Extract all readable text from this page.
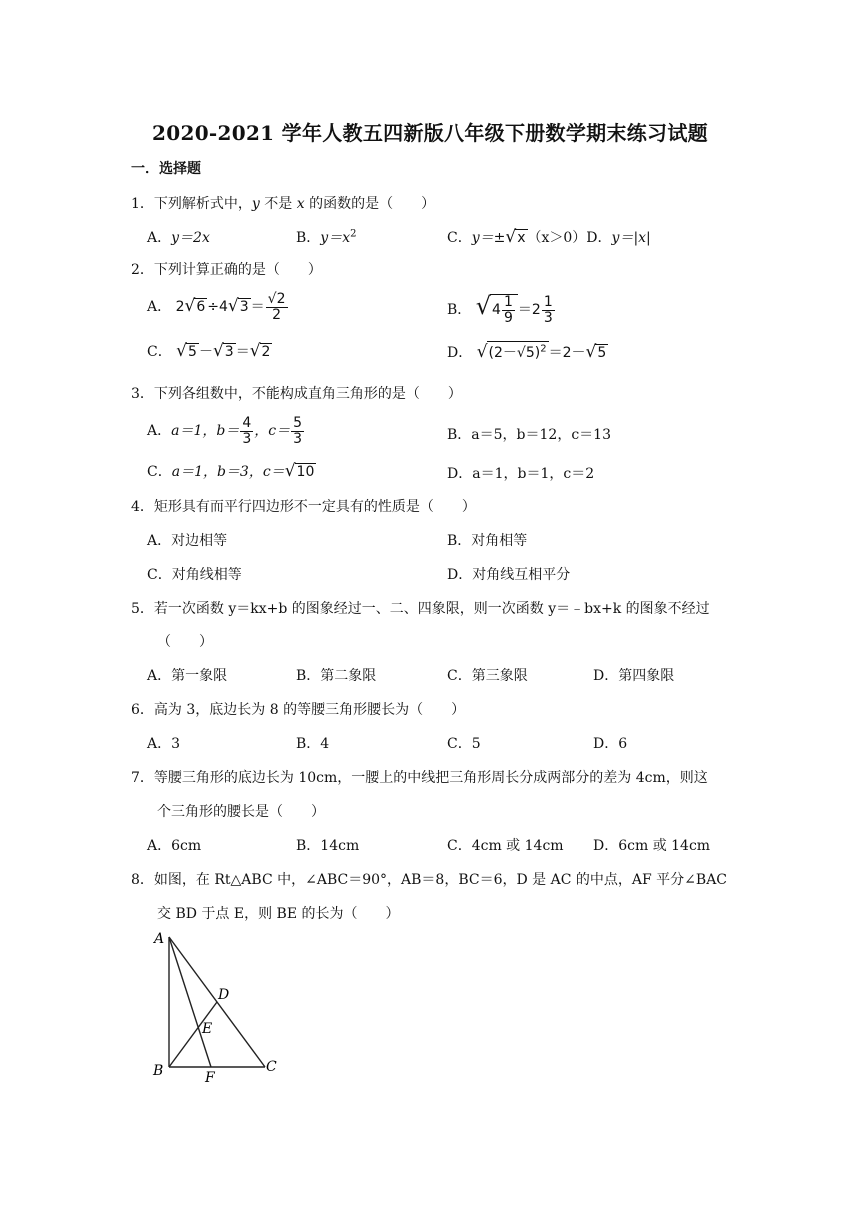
2020-2021 学年人教五四新版八年级下册数学期末练习试题
一．选择题
1．下列解析式中，y 不是 x 的函数的是（　　）
A．y＝2x	B．$y=x^2$	C．y＝±√x （x＞0）D．y＝|x|
2．下列计算正确的是（　　）
A． $2√6 \div 4√3 = \frac{√2}{2}$	B． $√4 \frac{1}{9} =2 \frac{1}{3}$
C． √5 －√3 ＝√2	D． $√(2-√5)^2 =2-√5$
3．下列各组数中，不能构成直角三角形的是（　　）
A．a＝1，$b= \frac{4}{3}$ ，$c= \frac{5}{3}$	B．a＝5，b＝12，c＝13
C．a＝1，b＝3，c＝√10	D．a＝1，b＝1，c＝2
4．矩形具有而平行四边形不一定具有的性质是（　　）
A．对边相等	B．对角相等
C．对角线相等	D．对角线互相平分
5．若一次函数 y＝kx+b 的图象经过一、二、四象限，则一次函数 y＝﹣bx+k 的图象不经过
（　　）
A．第一象限	B．第二象限	C．第三象限	D．第四象限
6．高为 3，底边长为 8 的等腰三角形腰长为（　　）
A．3	B．4	C．5	D．6
7．等腰三角形的底边长为 10cm，一腰上的中线把三角形周长分成两部分的差为 4cm，则这
个三角形的腰长是（　　）
A．6cm	B．14cm	C．4cm 或 14cm D．6cm 或 14cm
8．如图，在 Rt△ABC 中，∠ABC＝90°，AB＝8，BC＝6，D 是 AC 的中点，AF 平分∠BAC
交 BD 于点 E，则 BE 的长为（　　）
A
B	C
D
E
F
